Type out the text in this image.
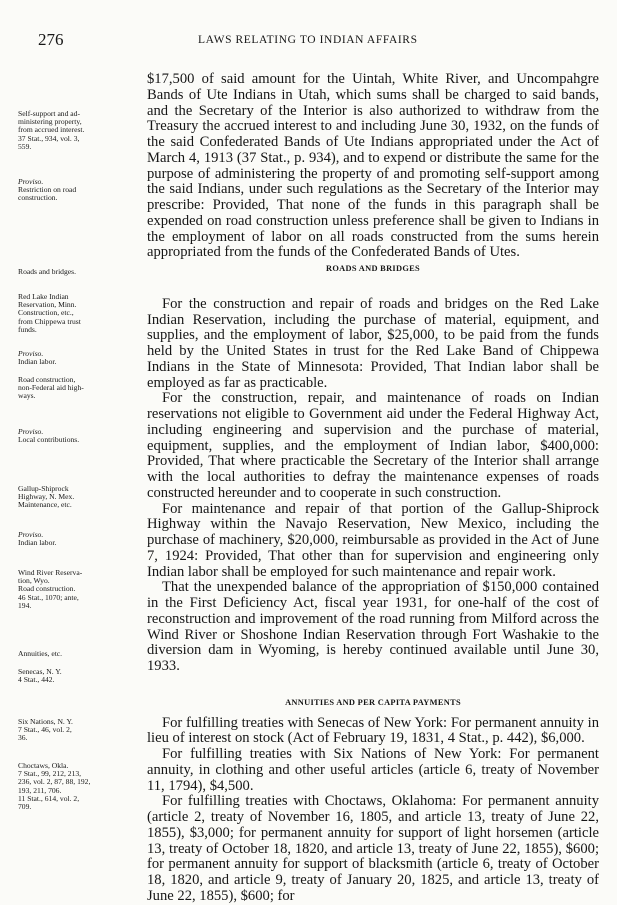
276	LAWS RELATING TO INDIAN AFFAIRS
Self-support and ad-
ministering property,
from accrued interest.
37 Stat., 934, vol. 3,
559.
Proviso.
Restriction on road
construction.
Roads and bridges.
Red Lake Indian
Reservation, Minn.
Construction, etc.,
from Chippewa trust
funds.
Proviso.
Indian labor.
Road construction,
non-Federal aid high-
ways.
Proviso.
Local contributions.
Gallup-Shiprock
Highway, N. Mex.
Maintenance, etc.
Proviso.
Indian labor.
Wind River Reserva-
tion, Wyo.
Road construction.
46 Stat., 1070; ante,
194.
Annuities, etc.
Senecas, N. Y.
4 Stat., 442.
Six Nations, N. Y.
7 Stat., 46, vol. 2,
36.
Choctaws, Okla.
7 Stat., 99, 212, 213,
236, vol. 2, 87, 88, 192,
193, 211, 706.
11 Stat., 614, vol. 2,
709.

$17,500 of said amount for the Uintah, White River, and Uncompahgre Bands of Ute Indians in Utah, which sums shall be charged to said bands, and the Secretary of the Interior is also authorized to withdraw from the Treasury the accrued interest to and including June 30, 1932, on the funds of the said Confederated Bands of Ute Indians appropriated under the Act of March 4, 1913 (37 Stat., p. 934), and to expend or distribute the same for the purpose of administering the property of and promoting self-support among the said Indians, under such regulations as the Secretary of the Interior may prescribe: Provided, That none of the funds in this paragraph shall be expended on road construction unless preference shall be given to Indians in the employment of labor on all roads constructed from the sums herein appropriated from the funds of the Confederated Bands of Utes.

ROADS AND BRIDGES

For the construction and repair of roads and bridges on the Red Lake Indian Reservation, including the purchase of material, equipment, and supplies, and the employment of labor, $25,000, to be paid from the funds held by the United States in trust for the Red Lake Band of Chippewa Indians in the State of Minnesota: Provided, That Indian labor shall be employed as far as practicable.

For the construction, repair, and maintenance of roads on Indian reservations not eligible to Government aid under the Federal Highway Act, including engineering and supervision and the purchase of material, equipment, supplies, and the employment of Indian labor, $400,000: Provided, That where practicable the Secretary of the Interior shall arrange with the local authorities to defray the maintenance expenses of roads constructed hereunder and to cooperate in such construction.

For maintenance and repair of that portion of the Gallup-Shiprock Highway within the Navajo Reservation, New Mexico, including the purchase of machinery, $20,000, reimbursable as provided in the Act of June 7, 1924: Provided, That other than for supervision and engineering only Indian labor shall be employed for such maintenance and repair work.

That the unexpended balance of the appropriation of $150,000 contained in the First Deficiency Act, fiscal year 1931, for one-half of the cost of reconstruction and improvement of the road running from Milford across the Wind River or Shoshone Indian Reservation through Fort Washakie to the diversion dam in Wyoming, is hereby continued available until June 30, 1933.

ANNUITIES AND PER CAPITA PAYMENTS

For fulfilling treaties with Senecas of New York: For permanent annuity in lieu of interest on stock (Act of February 19, 1831, 4 Stat., p. 442), $6,000.

For fulfilling treaties with Six Nations of New York: For permanent annuity, in clothing and other useful articles (article 6, treaty of November 11, 1794), $4,500.

For fulfilling treaties with Choctaws, Oklahoma: For permanent annuity (article 2, treaty of November 16, 1805, and article 13, treaty of June 22, 1855), $3,000; for permanent annuity for support of light horsemen (article 13, treaty of October 18, 1820, and article 13, treaty of June 22, 1855), $600; for permanent annuity for support of blacksmith (article 6, treaty of October 18, 1820, and article 9, treaty of January 20, 1825, and article 13, treaty of June 22, 1855), $600; for
